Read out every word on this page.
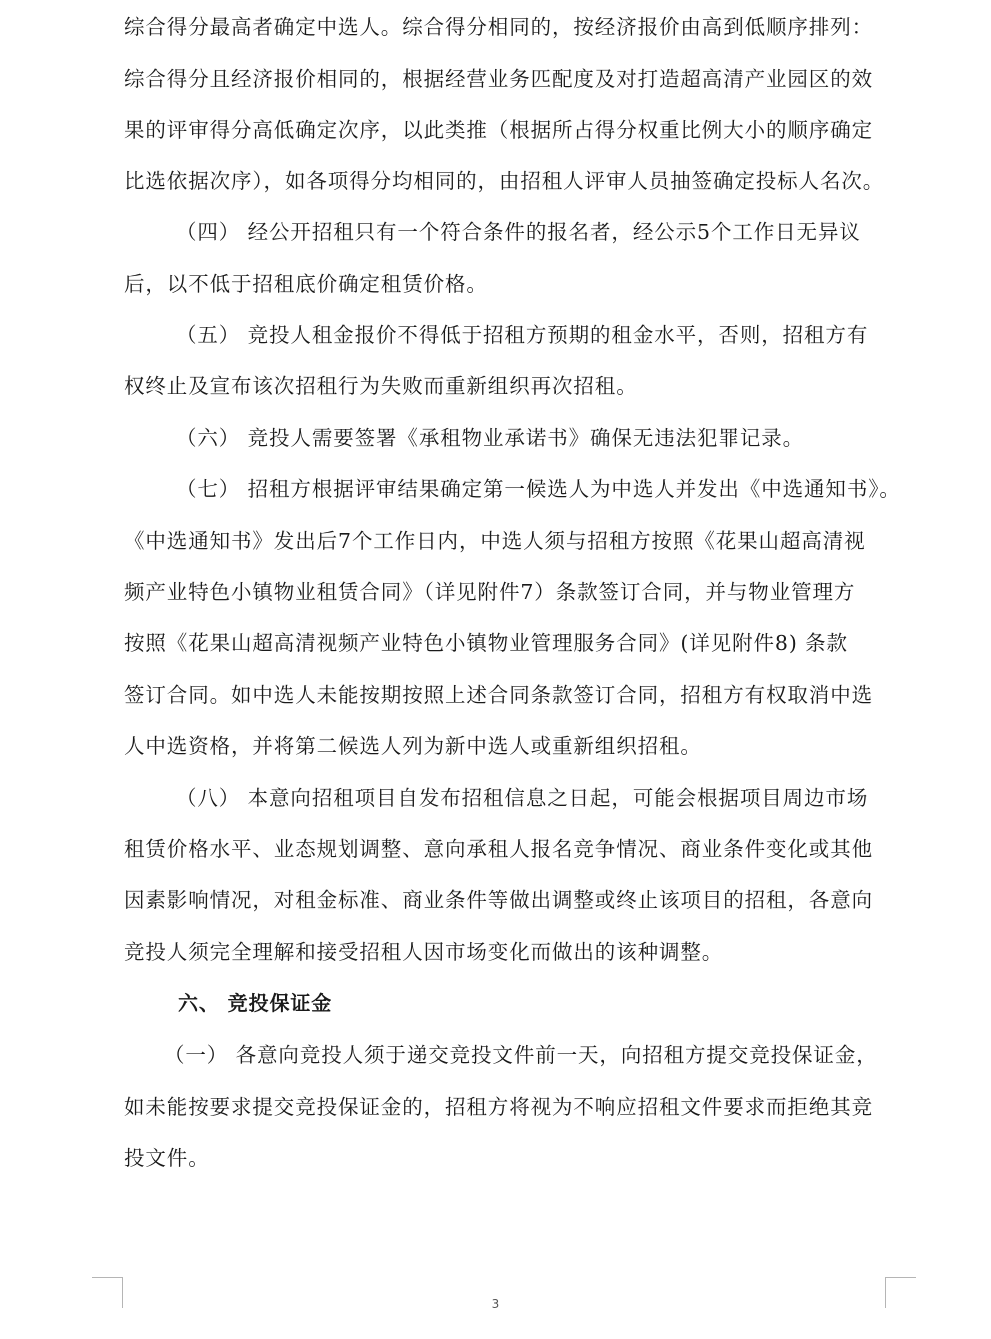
综合得分最高者确定中选人。综合得分相同的，按经济报价由高到低顺序排列：
综合得分且经济报价相同的，根据经营业务匹配度及对打造超高清产业园区的效
果的评审得分高低确定次序，以此类推（根据所占得分权重比例大小的顺序确定
比选依据次序），如各项得分均相同的，由招租人评审人员抽签确定投标人名次。
（四） 经公开招租只有一个符合条件的报名者，经公示5个工作日无异议
后，以不低于招租底价确定租赁价格。
（五） 竞投人租金报价不得低于招租方预期的租金水平，否则，招租方有
权终止及宣布该次招租行为失败而重新组织再次招租。
（六） 竞投人需要签署《承租物业承诺书》确保无违法犯罪记录。
（七） 招租方根据评审结果确定第一候选人为中选人并发出《中选通知书》。
《中选通知书》发出后7个工作日内，中选人须与招租方按照《花果山超高清视
频产业特色小镇物业租赁合同》（详见附件7）条款签订合同，并与物业管理方
按照《花果山超高清视频产业特色小镇物业管理服务合同》(详见附件8) 条款
签订合同。如中选人未能按期按照上述合同条款签订合同，招租方有权取消中选
人中选资格，并将第二候选人列为新中选人或重新组织招租。
（八） 本意向招租项目自发布招租信息之日起，可能会根据项目周边市场
租赁价格水平、业态规划调整、意向承租人报名竞争情况、商业条件变化或其他
因素影响情况，对租金标准、商业条件等做出调整或终止该项目的招租，各意向
竞投人须完全理解和接受招租人因市场变化而做出的该种调整。
六、 竞投保证金
（一） 各意向竞投人须于递交竞投文件前一天，向招租方提交竞投保证金，
如未能按要求提交竞投保证金的，招租方将视为不响应招租文件要求而拒绝其竞
投文件。
3
